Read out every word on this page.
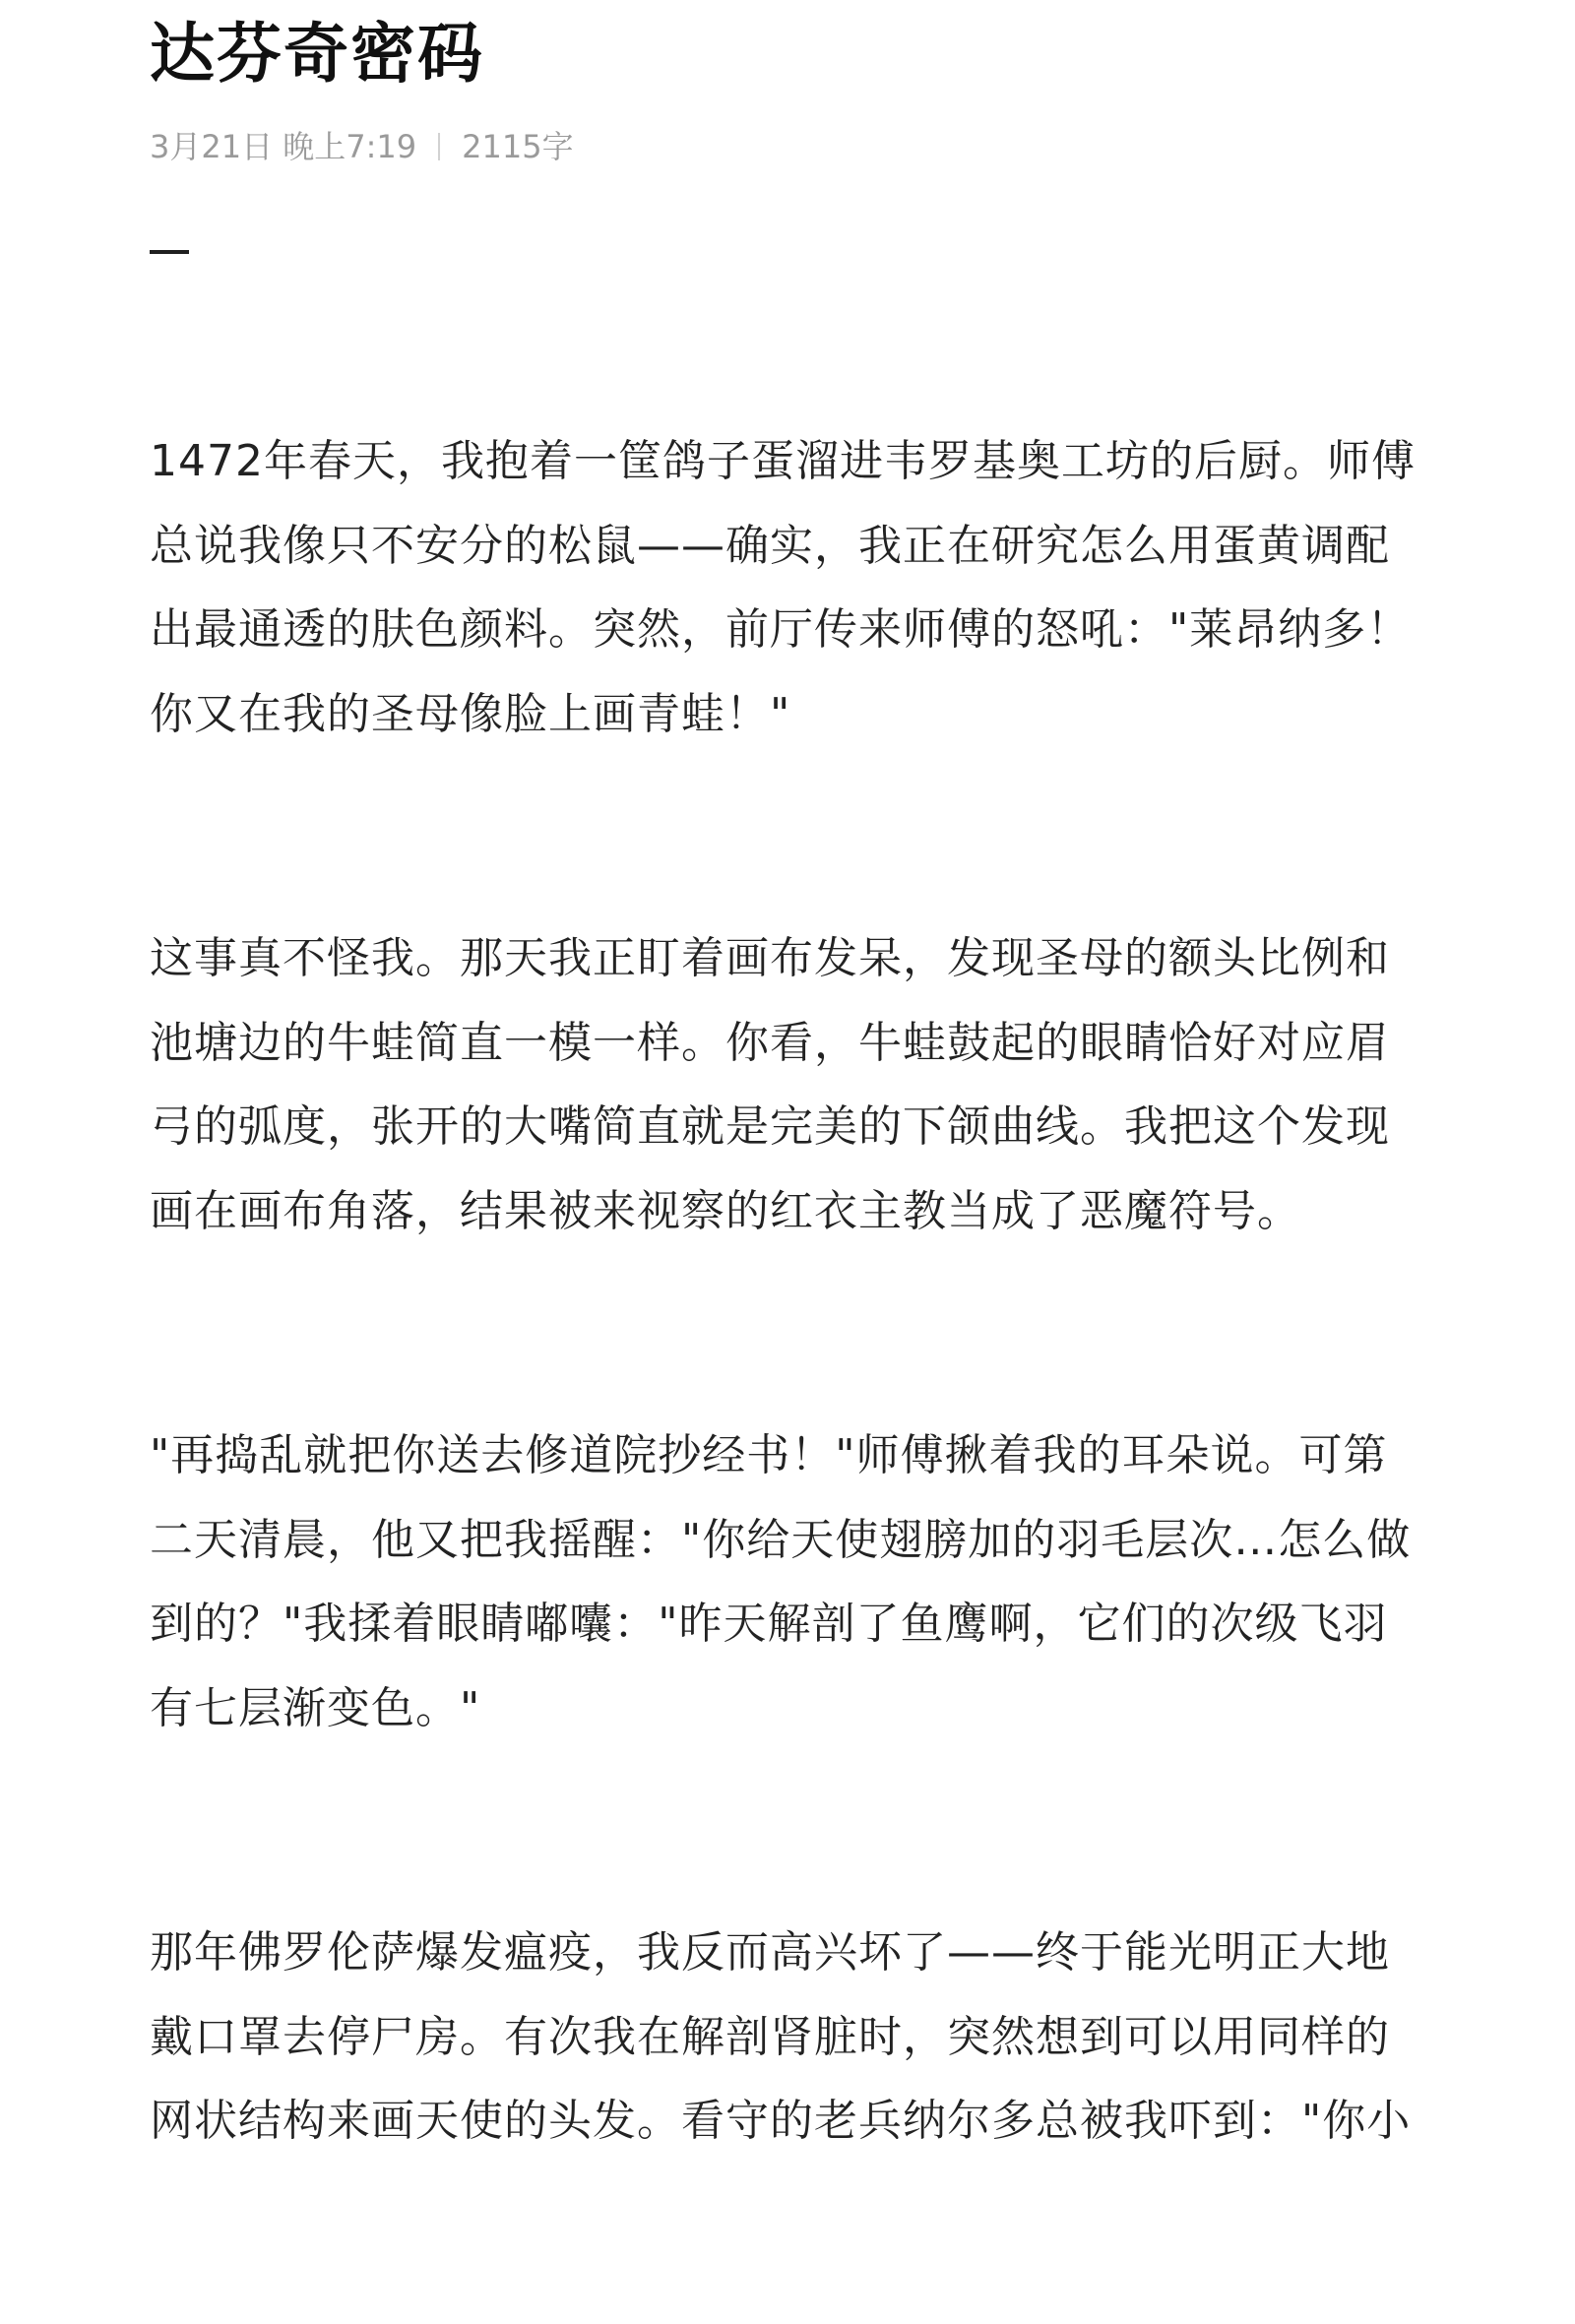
达芬奇密码
3月21日 晚上7:19 2115字

1472年春天，我抱着一筐鸽子蛋溜进韦罗基奥工坊的后厨。师傅总说我像只不安分的松鼠——确实，我正在研究怎么用蛋黄调配出最通透的肤色颜料。突然，前厅传来师傅的怒吼："莱昂纳多！你又在我的圣母像脸上画青蛙！"

这事真不怪我。那天我正盯着画布发呆，发现圣母的额头比例和池塘边的牛蛙简直一模一样。你看，牛蛙鼓起的眼睛恰好对应眉弓的弧度，张开的大嘴简直就是完美的下颌曲线。我把这个发现画在画布角落，结果被来视察的红衣主教当成了恶魔符号。

"再捣乱就把你送去修道院抄经书！"师傅揪着我的耳朵说。可第二天清晨，他又把我摇醒："你给天使翅膀加的羽毛层次…怎么做到的？"我揉着眼睛嘟囔："昨天解剖了鱼鹰啊，它们的次级飞羽有七层渐变色。"

那年佛罗伦萨爆发瘟疫，我反而高兴坏了——终于能光明正大地戴口罩去停尸房。有次我在解剖肾脏时，突然想到可以用同样的网状结构来画天使的头发。看守的老兵纳尔多总被我吓到："你小
